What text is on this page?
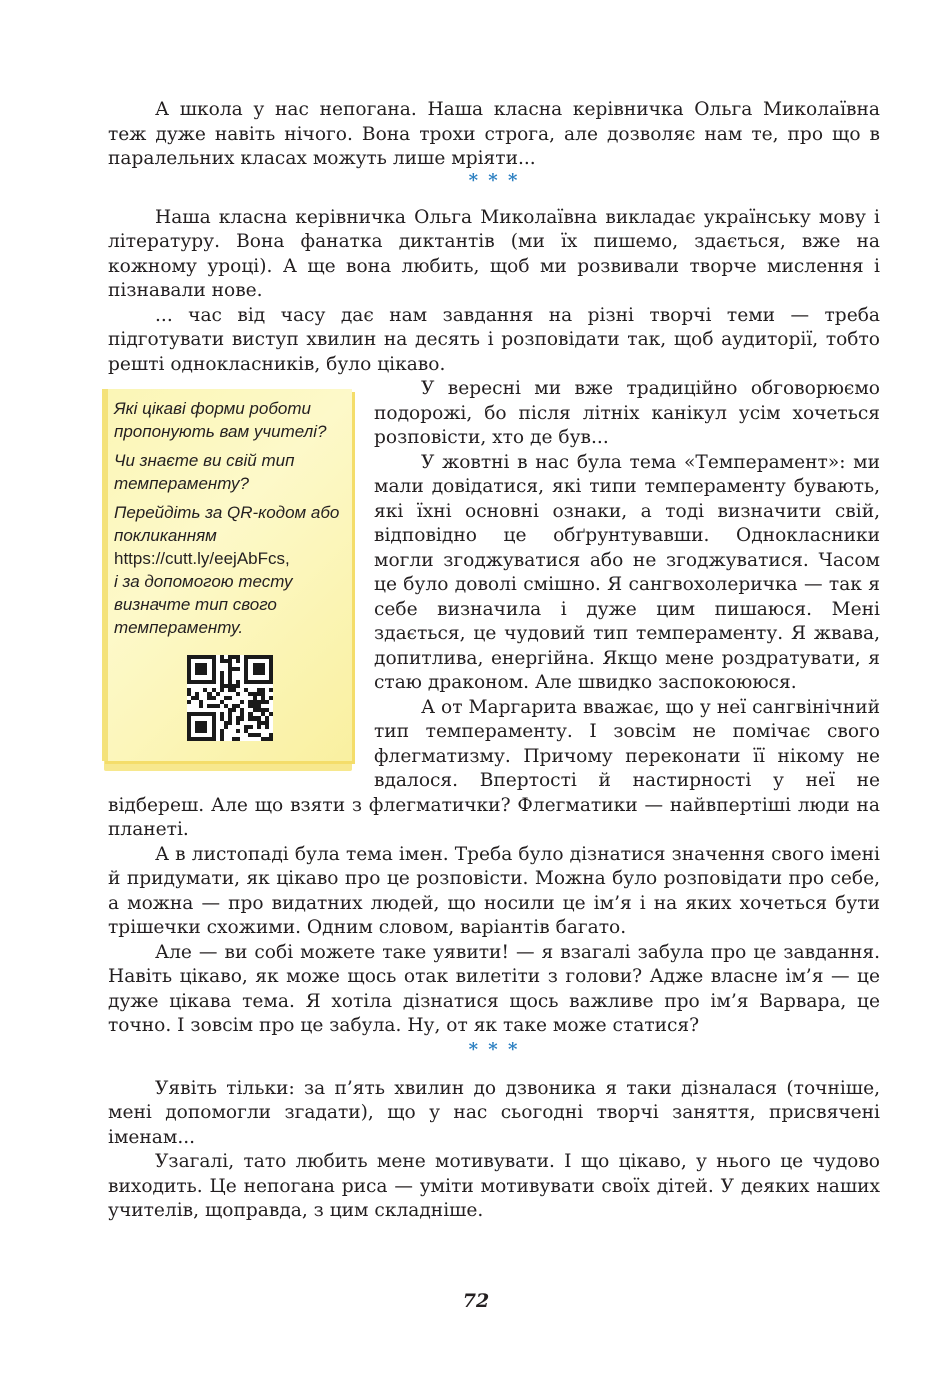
А школа у нас непогана. Наша класна керівничка Ольга Миколаївна теж дуже навіть нічого. Вона трохи строга, але дозволяє нам те, про що в паралельних класах можуть лише мріяти...

* * *

Наша класна керівничка Ольга Миколаївна викладає українську мову і літературу. Вона фанатка диктантів (ми їх пишемо, здається, вже на кожному уроці). А ще вона любить, щоб ми розвивали творче мислення і пізнавали нове.

... час від часу дає нам завдання на різні творчі теми — треба підготувати виступ хвилин на десять і розповідати так, щоб аудиторії, тобто решті однокласників, було цікаво.

Які цікаві форми роботи пропонують вам учителі?

Чи знаєте ви свій тип темпераменту?

Перейдіть за QR-кодом або покликанням
https://cutt.ly/eejAbFcs,
і за допомогою тесту визначте тип свого темпераменту.

У вересні ми вже традиційно обговорюємо подорожі, бо після літніх канікул усім хочеться розповісти, хто де був...

У жовтні в нас була тема «Темперамент»: ми мали довідатися, які типи темпераменту бувають, які їхні основні ознаки, а тоді визначити свій, відповідно це обґрунтувавши. Однокласники могли згоджуватися або не згоджуватися. Часом це було доволі смішно. Я сангвохолеричка — так я себе визначила і дуже цим пишаюся. Мені здається, це чудовий тип темпераменту. Я жвава, допитлива, енергійна. Якщо мене роздратувати, я стаю драконом. Але швидко заспокоююся.

А от Маргарита вважає, що у неї сангвінічний тип темпераменту. І зовсім не помічає свого флегматизму. Причому переконати її нікому не вдалося. Впертості й настирності у неї не відбереш. Але що взяти з флегматички? Флегматики — найвпертіші люди на планеті.

А в листопаді була тема імен. Треба було дізнатися значення свого імені й придумати, як цікаво про це розповісти. Можна було розповідати про себе, а можна — про видатних людей, що носили це ім’я і на яких хочеться бути трішечки схожими. Одним словом, варіантів багато.

Але — ви собі можете таке уявити! — я взагалі забула про це завдання. Навіть цікаво, як може щось отак вилетіти з голови? Адже власне ім’я — це дуже цікава тема. Я хотіла дізнатися щось важливе про ім’я Варвара, це точно. І зовсім про це забула. Ну, от як таке може статися?

* * *

Уявіть тільки: за п’ять хвилин до дзвоника я таки дізналася (точніше, мені допомогли згадати), що у нас сьогодні творчі заняття, присвячені іменам...

Узагалі, тато любить мене мотивувати. І що цікаво, у нього це чудово виходить. Це непогана риса — уміти мотивувати своїх дітей. У деяких наших учителів, щоправда, з цим складніше.

72
